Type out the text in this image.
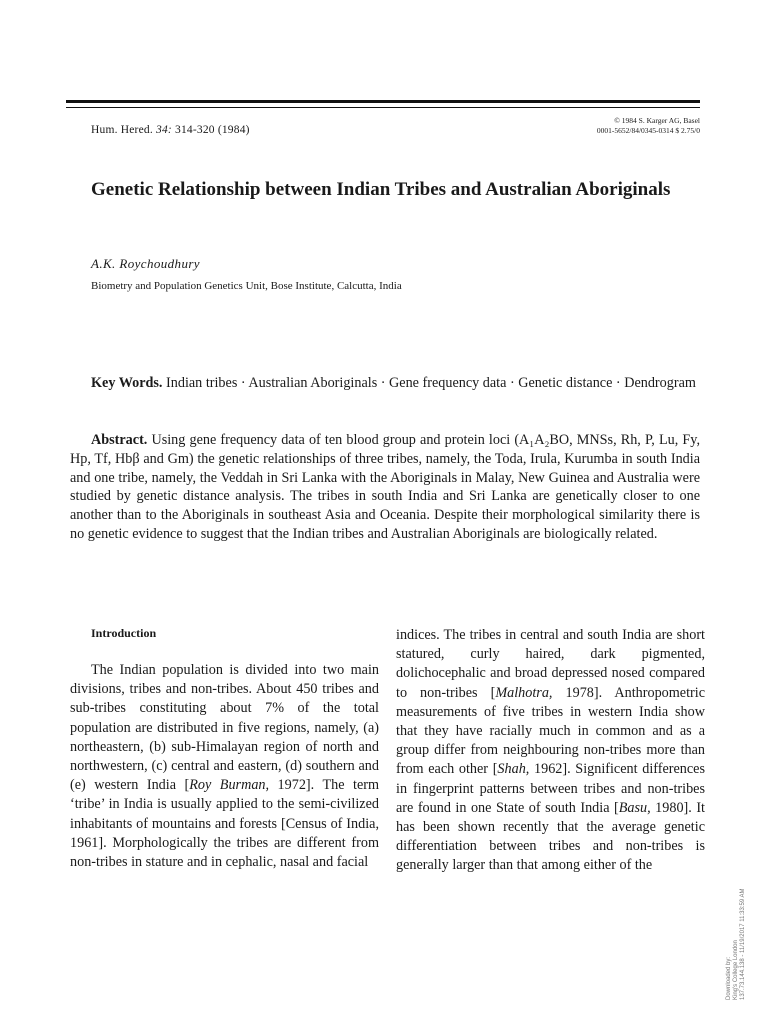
Hum. Hered. 34: 314-320 (1984)
© 1984 S. Karger AG, Basel
0001-5652/84/0345-0314 $ 2.75/0
Genetic Relationship between Indian Tribes and Australian Aboriginals
A.K. Roychoudhury
Biometry and Population Genetics Unit, Bose Institute, Calcutta, India

Key Words. Indian tribes · Australian Aboriginals · Gene frequency data · Genetic distance · Dendrogram

Abstract. Using gene frequency data of ten blood group and protein loci (A₁A₂BO, MNSs, Rh, P, Lu, Fy, Hp, Tf, Hbβ and Gm) the genetic relationships of three tribes, namely, the Toda, Irula, Kurumba in south India and one tribe, namely, the Veddah in Sri Lanka with the Aboriginals in Malay, New Guinea and Australia were studied by genetic distance analysis. The tribes in south India and Sri Lanka are genetically closer to one another than to the Aboriginals in southeast Asia and Oceania. Despite their morphological similarity there is no genetic evidence to suggest that the Indian tribes and Australian Aboriginals are biologically related.

Introduction
The Indian population is divided into two main divisions, tribes and non-tribes. About 450 tribes and sub-tribes constituting about 7% of the total population are distributed in five regions, namely, (a) northeastern, (b) sub-Himalayan region of north and northwestern, (c) central and eastern, (d) southern and (e) western India [Roy Burman, 1972]. The term ‘tribe’ in India is usually applied to the semi-civilized inhabitants of mountains and forests [Census of India, 1961]. Morphologically the tribes are different from non-tribes in stature and in cephalic, nasal and facial
indices. The tribes in central and south India are short statured, curly haired, dark pigmented, dolichocephalic and broad depressed nosed compared to non-tribes [Malhotra, 1978]. Anthropometric measurements of five tribes in western India show that they have racially much in common and as a group differ from neighbouring non-tribes more than from each other [Shah, 1962]. Significent differences in fingerprint patterns between tribes and non-tribes are found in one State of south India [Basu, 1980]. It has been shown recently that the average genetic differentiation between tribes and non-tribes is generally larger than that among either of the
Downloaded by: King's College London 137.73.144.138 - 11/19/2017 11:33:59 AM
